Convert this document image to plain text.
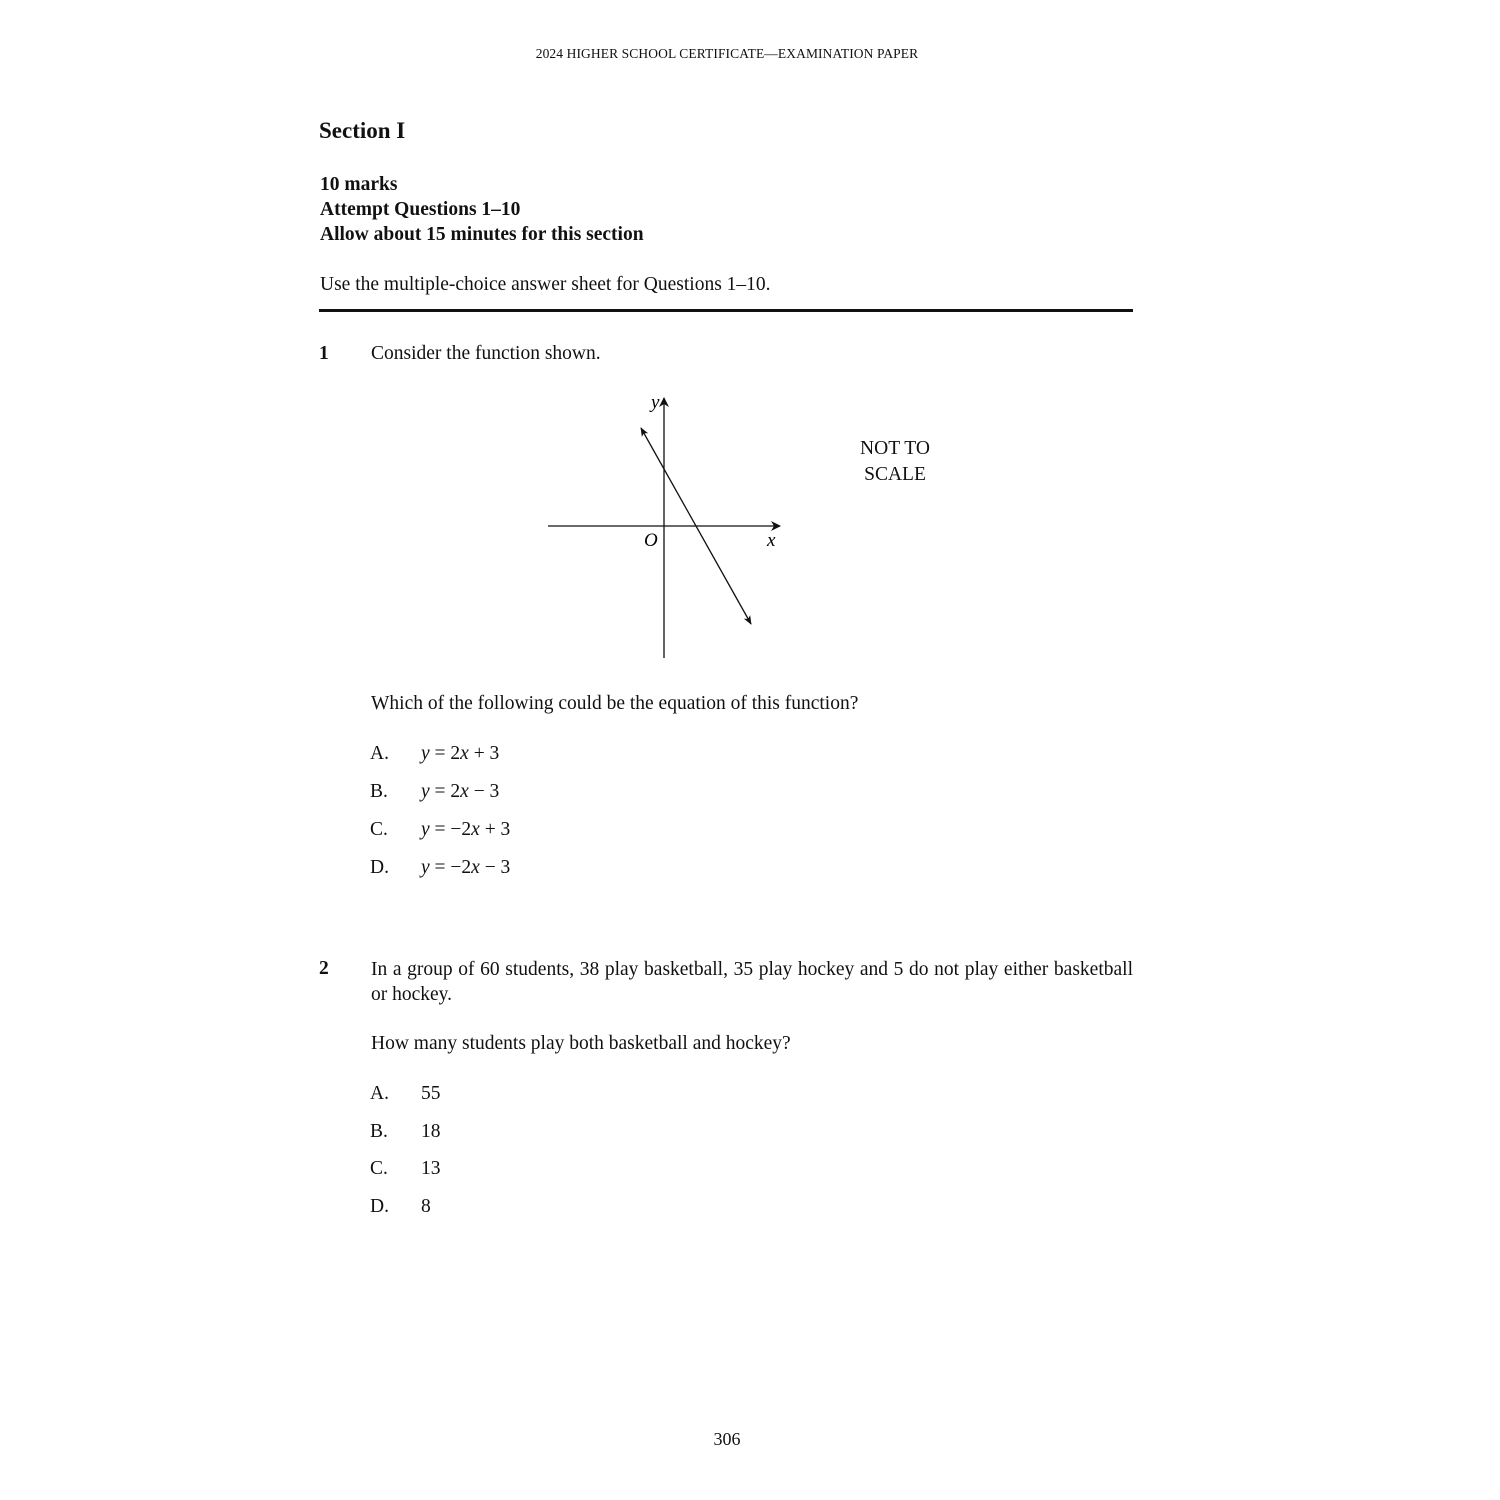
2024 HIGHER SCHOOL CERTIFICATE—EXAMINATION PAPER
Section I
10 marks
Attempt Questions 1–10
Allow about 15 minutes for this section
Use the multiple-choice answer sheet for Questions 1–10.
1 Consider the function shown.
y
x
O
NOT TO SCALE
Which of the following could be the equation of this function?
A. y = 2x + 3
B. y = 2x − 3
C. y = −2x + 3
D. y = −2x − 3
2 In a group of 60 students, 38 play basketball, 35 play hockey and 5 do not play either basketball or hockey.
How many students play both basketball and hockey?
A. 55
B. 18
C. 13
D. 8
306
